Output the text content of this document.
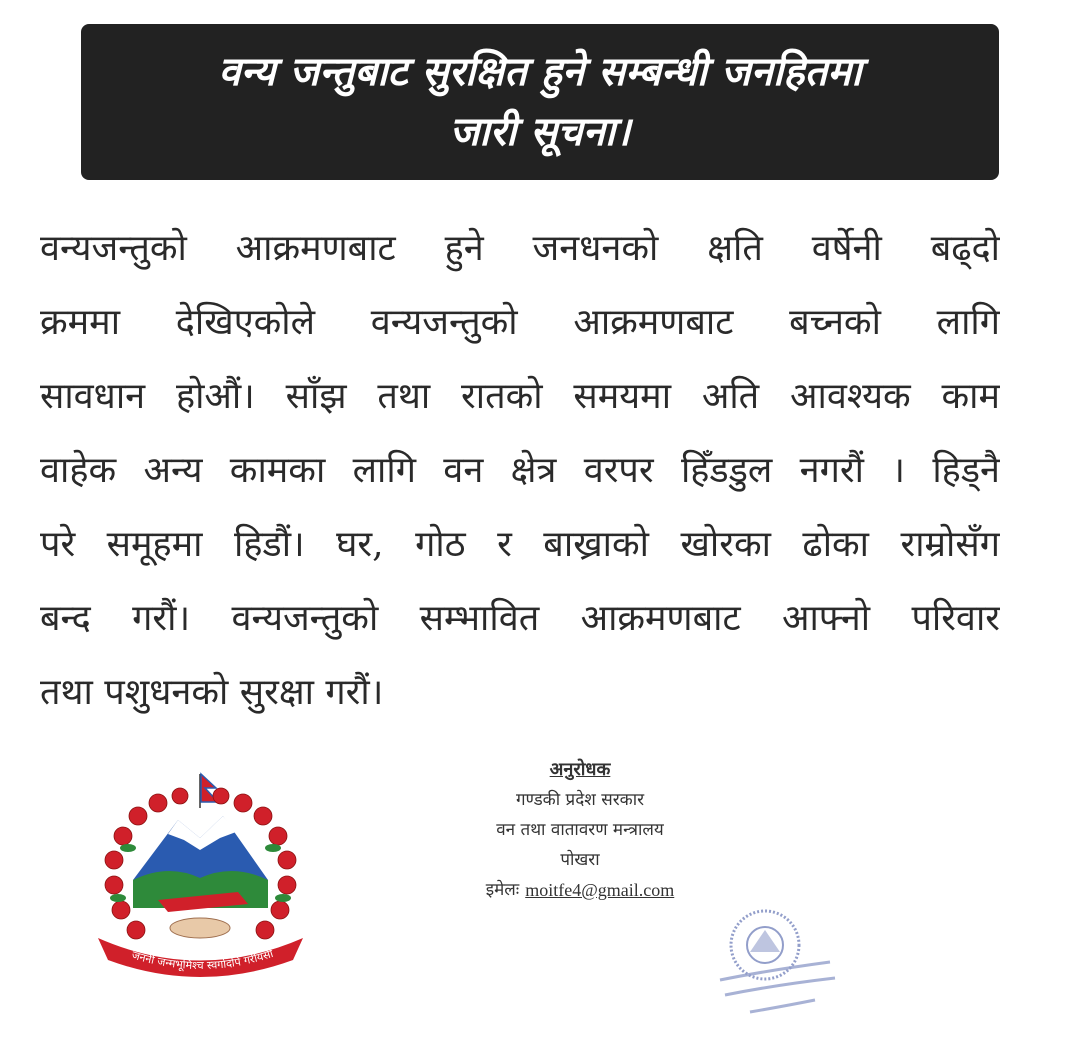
वन्य जन्तुबाट सुरक्षित हुने सम्बन्धी जनहितमा
जारी सूचना।
वन्यजन्तुको आक्रमणबाट हुने जनधनको क्षति वर्षेनी बढ्दो
क्रममा देखिएकोले वन्यजन्तुको आक्रमणबाट बच्नको लागि
सावधान होऔं। साँझ तथा रातको समयमा अति आवश्यक काम
वाहेक अन्य कामका लागि वन क्षेत्र वरपर हिँडडुल नगरौं । हिड्नै
परे समूहमा हिडौं। घर, गोठ र बाख्राको खोरका ढोका राम्रोसँग
बन्द गरौं। वन्यजन्तुको सम्भावित आक्रमणबाट आफ्नो परिवार
तथा पशुधनको सुरक्षा गरौं।
जननी जन्मभूमिश्च स्वर्गादपि गरीयसी
अनुरोधक
गण्डकी प्रदेश सरकार
वन तथा वातावरण मन्त्रालय
पोखरा
इमेलः moitfe4@gmail.com
